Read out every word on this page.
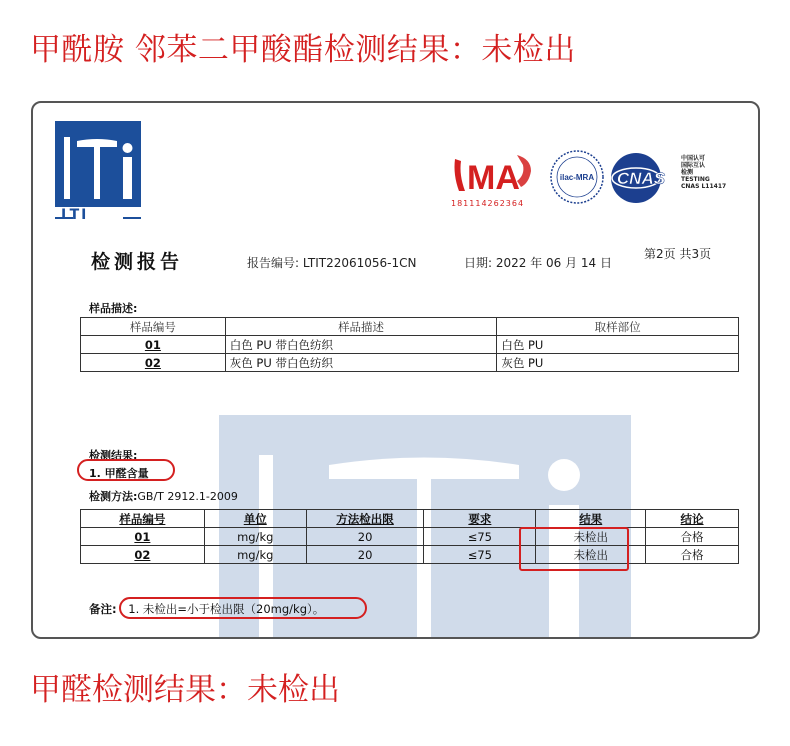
甲酰胺 邻苯二甲酸酯检测结果：未检出
LTI
MA
181114262364
ilac-MRA CNAS
中国认可
国际互认
检测
TESTING
CNAS L11417
检测报告	报告编号: LTIT22061056-1CN	日期: 2022 年 06 月 14 日
第2页 共3页
样品描述:
样品编号	样品描述	取样部位
01	白色 PU 带白色纺织	白色 PU
02	灰色 PU 带白色纺织	灰色 PU
检测结果:
1. 甲醛含量
检测方法:GB/T 2912.1-2009
样品编号	单位	方法检出限	要求	结果	结论
01	mg/kg	20	≤75	未检出	合格
02	mg/kg	20	≤75	未检出	合格
备注: 1. 未检出=小于检出限（20mg/kg）。
甲醛检测结果：未检出
